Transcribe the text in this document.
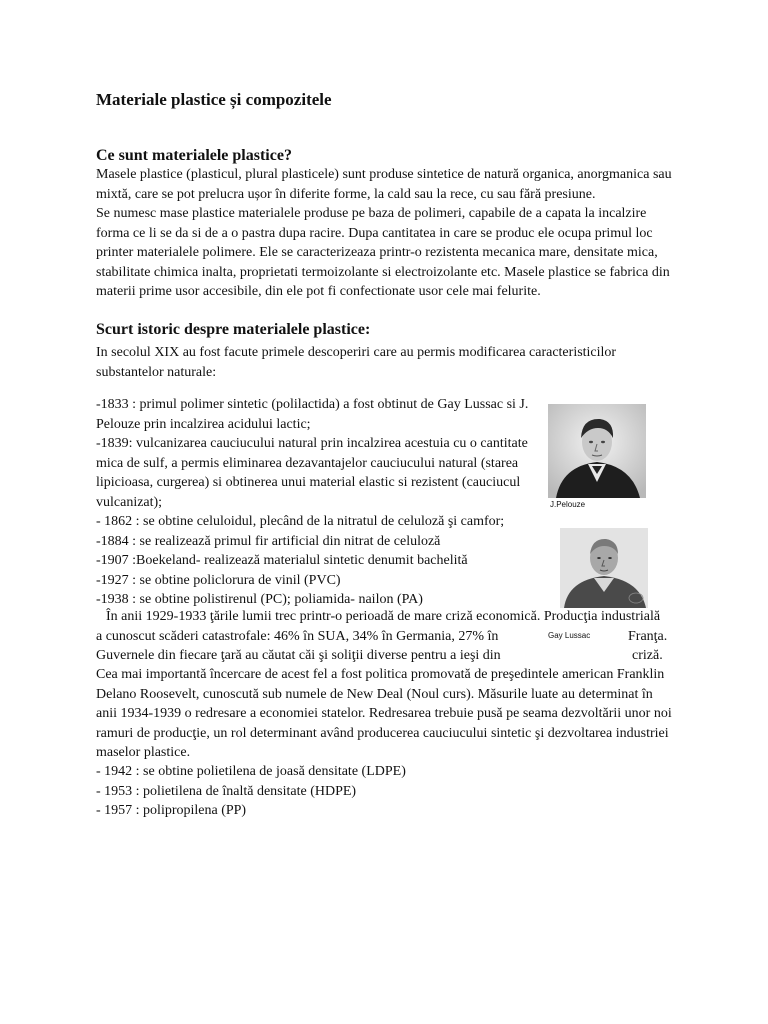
Materiale plastice și compozitele
Ce sunt materialele plastice?

Masele plastice (plasticul, plural plasticele) sunt produse sintetice de natură organica, anorgmanica sau mixtă, care se pot prelucra ușor în diferite forme, la cald sau la rece, cu sau fără presiune.

Se numesc mase plastice materialele produse pe baza de polimeri, capabile de a capata la incalzire forma ce li se da si de a o pastra dupa racire. Dupa cantitatea in care se produc ele ocupa primul loc printer materialele polimere. Ele se caracterizeaza printr-o rezistenta mecanica mare, densitate mica, stabilitate chimica inalta, proprietati termoizolante si electroizolante etc. Masele plastice se fabrica din materii prime usor accesibile, din ele pot fi confectionate usor cele mai felurite.

Scurt istoric despre materialele plastice:

In secolul XIX au fost facute primele descoperiri care au permis modificarea caracteristicilor substantelor naturale:

-1833 : primul polimer sintetic (polilactida) a fost obtinut de Gay Lussac si J. Pelouze prin incalzirea acidului lactic;

-1839: vulcanizarea cauciucului natural prin incalzirea acestuia cu o cantitate mica de sulf, a permis eliminarea dezavantajelor cauciucului natural (starea lipicioasa, curgerea) si obtinerea unui material elastic si rezistent (cauciucul vulcanizat);

- 1862 : se obtine celuloidul, plecând de la nitratul de celuloză şi camfor;

-1884 : se realizează primul fir artificial din nitrat de celuloză

-1907 :Boekeland- realizează materialul sintetic denumit bachelită

-1927 : se obtine policlorura de vinil (PVC)

-1938 : se obtine polistirenul (PC); poliamida- nailon (PA)

În anii 1929-1933 ţările lumii trec printr-o perioadă de mare criză economică. Producţia industrială
a cunoscut scăderi catastrofale: 46% în SUA, 34% în Germania, 27% în	Franţa.
Guvernele din fiecare ţară au căutat căi şi soliţii diverse pentru a ieşi din	criză.

Cea mai importantă încercare de acest fel a fost politica promovată de preşedintele american Franklin Delano Roosevelt, cunoscută sub numele de New Deal (Noul curs). Măsurile luate au determinat în anii 1934-1939 o redresare a economiei statelor. Redresarea trebuie pusă pe seama dezvoltării unor noi ramuri de producţie, un rol determinant având producerea cauciucului sintetic şi dezvoltarea industriei maselor plastice.

- 1942 : se obtine polietilena de joasă densitate (LDPE)

- 1953 : polietilena de înaltă densitate (HDPE)

- 1957 : polipropilena (PP)

J.Pelouze
Gay Lussac
